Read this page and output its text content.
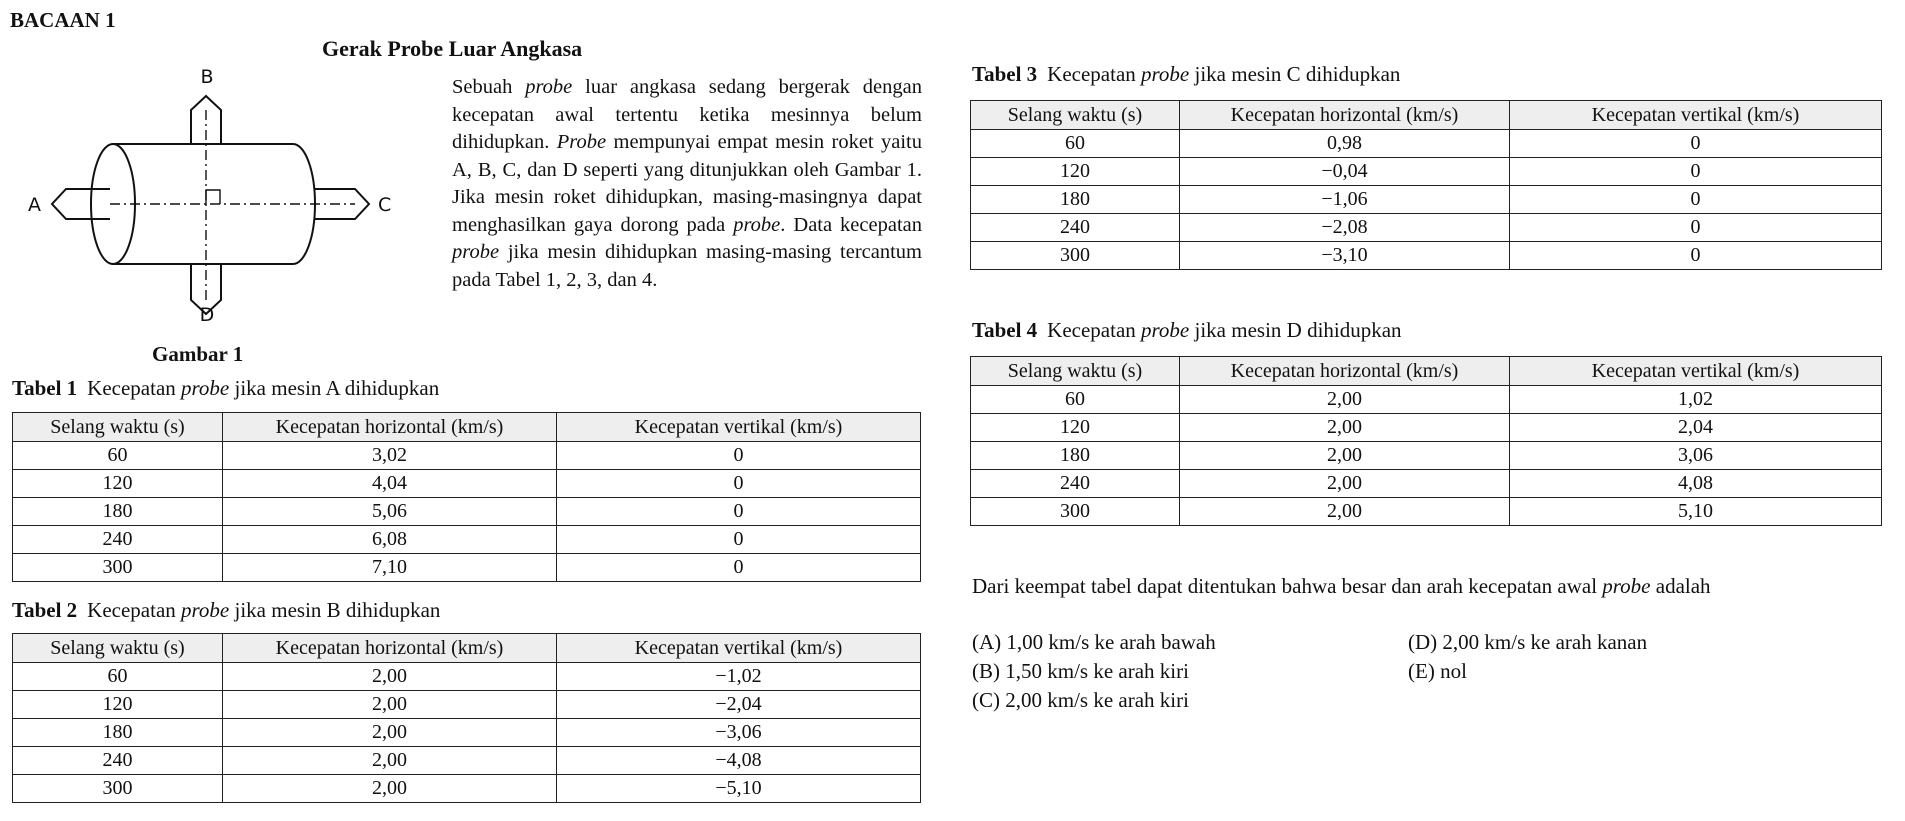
BACAAN 1
Gerak Probe Luar Angkasa
B
A	C
D
Gambar 1
Sebuah probe luar angkasa sedang bergerak dengan kecepatan awal tertentu ketika mesinnya belum dihidupkan. Probe mempunyai empat mesin roket yaitu A, B, C, dan D seperti yang ditunjukkan oleh Gambar 1. Jika mesin roket dihidupkan, masing-masingnya dapat menghasilkan gaya dorong pada probe. Data kecepatan probe jika mesin dihidupkan masing-masing tercantum pada Tabel 1, 2, 3, dan 4.
Tabel 1 Kecepatan probe jika mesin A dihidupkan
Selang waktu (s)	Kecepatan horizontal (km/s)	Kecepatan vertikal (km/s)
60	3,02	0
120	4,04	0
180	5,06	0
240	6,08	0
300	7,10	0
Tabel 2 Kecepatan probe jika mesin B dihidupkan
Selang waktu (s)	Kecepatan horizontal (km/s)	Kecepatan vertikal (km/s)
60	2,00	−1,02
120	2,00	−2,04
180	2,00	−3,06
240	2,00	−4,08
300	2,00	−5,10
Tabel 3 Kecepatan probe jika mesin C dihidupkan
Selang waktu (s)	Kecepatan horizontal (km/s)	Kecepatan vertikal (km/s)
60	0,98	0
120	−0,04	0
180	−1,06	0
240	−2,08	0
300	−3,10	0
Tabel 4 Kecepatan probe jika mesin D dihidupkan
Selang waktu (s)	Kecepatan horizontal (km/s)	Kecepatan vertikal (km/s)
60	2,00	1,02
120	2,00	2,04
180	2,00	3,06
240	2,00	4,08
300	2,00	5,10
Dari keempat tabel dapat ditentukan bahwa besar dan arah kecepatan awal probe adalah
(A) 1,00 km/s ke arah bawah
(B) 1,50 km/s ke arah kiri
(C) 2,00 km/s ke arah kiri
(D) 2,00 km/s ke arah kanan
(E) nol
